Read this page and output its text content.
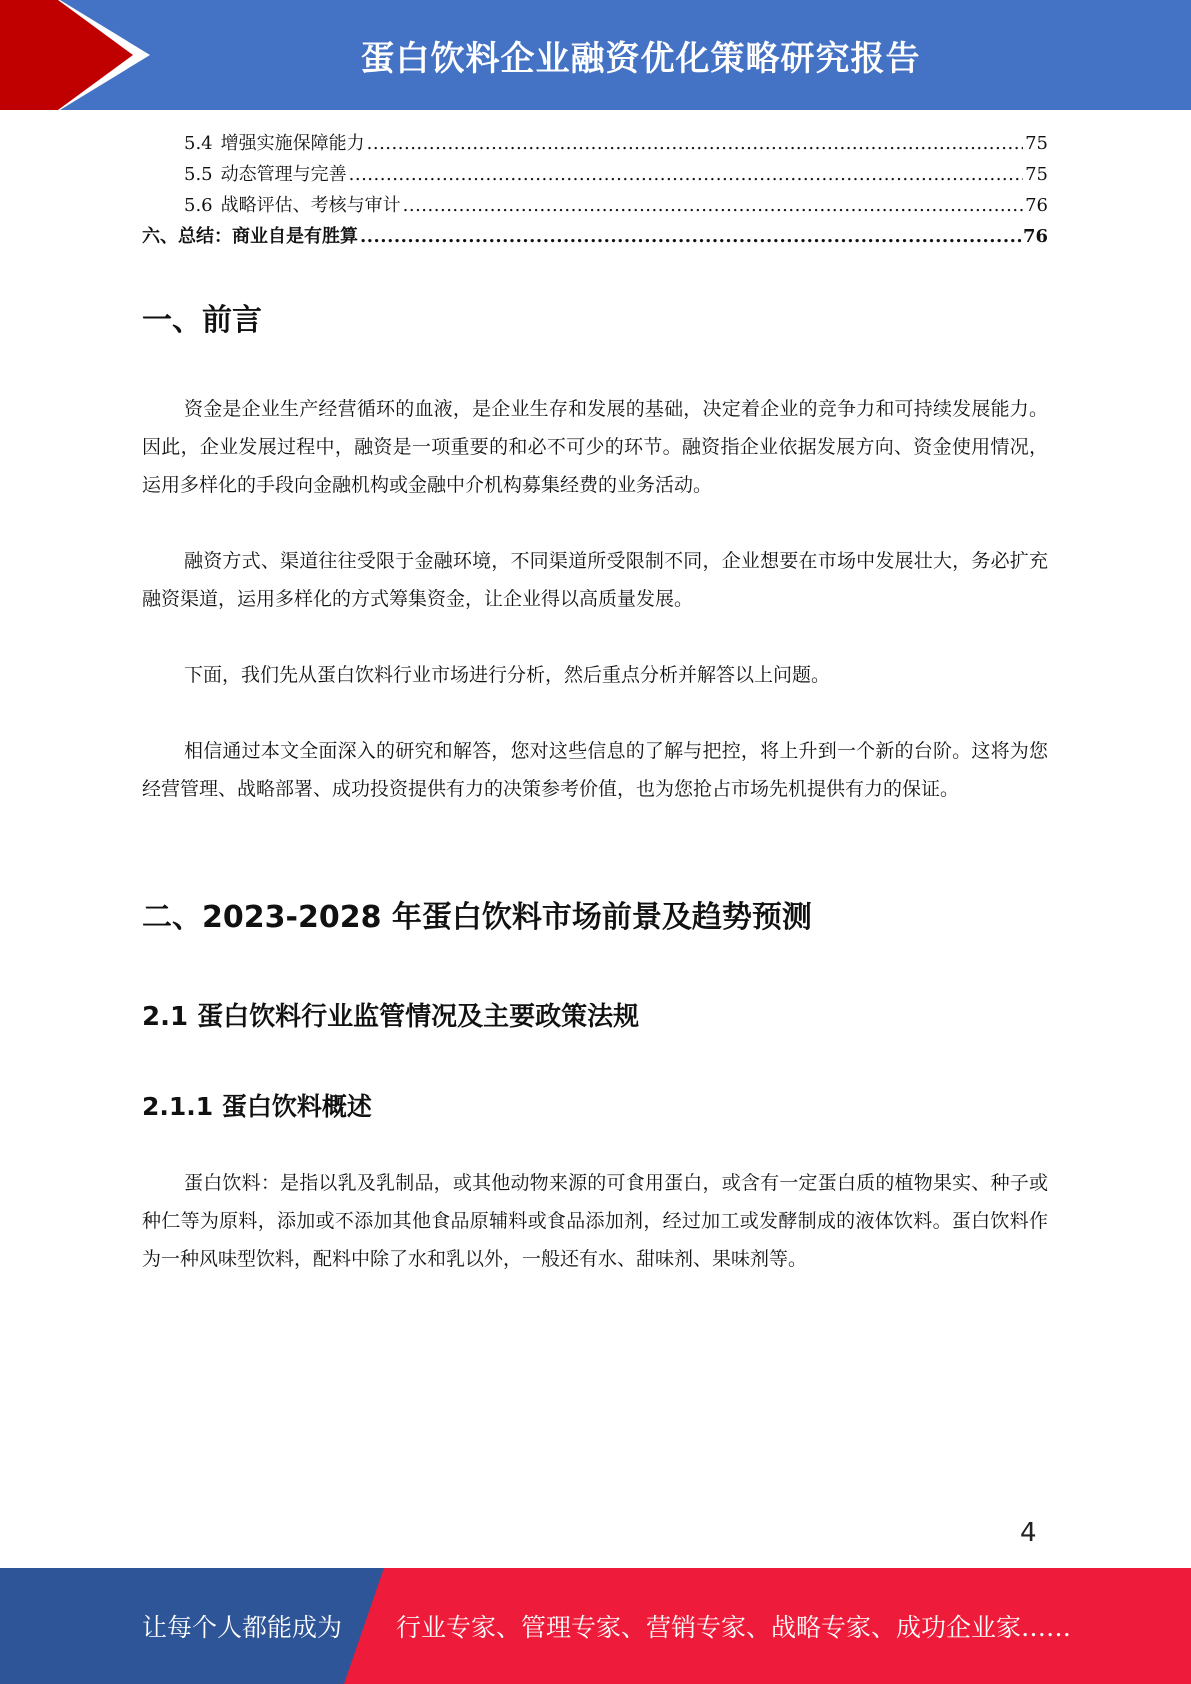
蛋白饮料企业融资优化策略研究报告
5.4 增强实施保障能力 .....	75
5.5 动态管理与完善 .....	75
5.6 战略评估、考核与审计 .....	76
六、总结：商业自是有胜算 .....	76
一、前言

资金是企业生产经营循环的血液，是企业生存和发展的基础，决定着企业的竞争力和可持续发展能力。因此，企业发展过程中，融资是一项重要的和必不可少的环节。融资指企业依据发展方向、资金使用情况，运用多样化的手段向金融机构或金融中介机构募集经费的业务活动。

融资方式、渠道往往受限于金融环境，不同渠道所受限制不同，企业想要在市场中发展壮大，务必扩充融资渠道，运用多样化的方式筹集资金，让企业得以高质量发展。

下面，我们先从蛋白饮料行业市场进行分析，然后重点分析并解答以上问题。

相信通过本文全面深入的研究和解答，您对这些信息的了解与把控，将上升到一个新的台阶。这将为您经营管理、战略部署、成功投资提供有力的决策参考价值，也为您抢占市场先机提供有力的保证。

二、2023-2028 年蛋白饮料市场前景及趋势预测
2.1 蛋白饮料行业监管情况及主要政策法规
2.1.1 蛋白饮料概述

蛋白饮料：是指以乳及乳制品，或其他动物来源的可食用蛋白，或含有一定蛋白质的植物果实、种子或种仁等为原料，添加或不添加其他食品原辅料或食品添加剂，经过加工或发酵制成的液体饮料。蛋白饮料作为一种风味型饮料，配料中除了水和乳以外，一般还有水、甜味剂、果味剂等。

4
让每个人都能成为 行业专家、管理专家、营销专家、战略专家、成功企业家……
